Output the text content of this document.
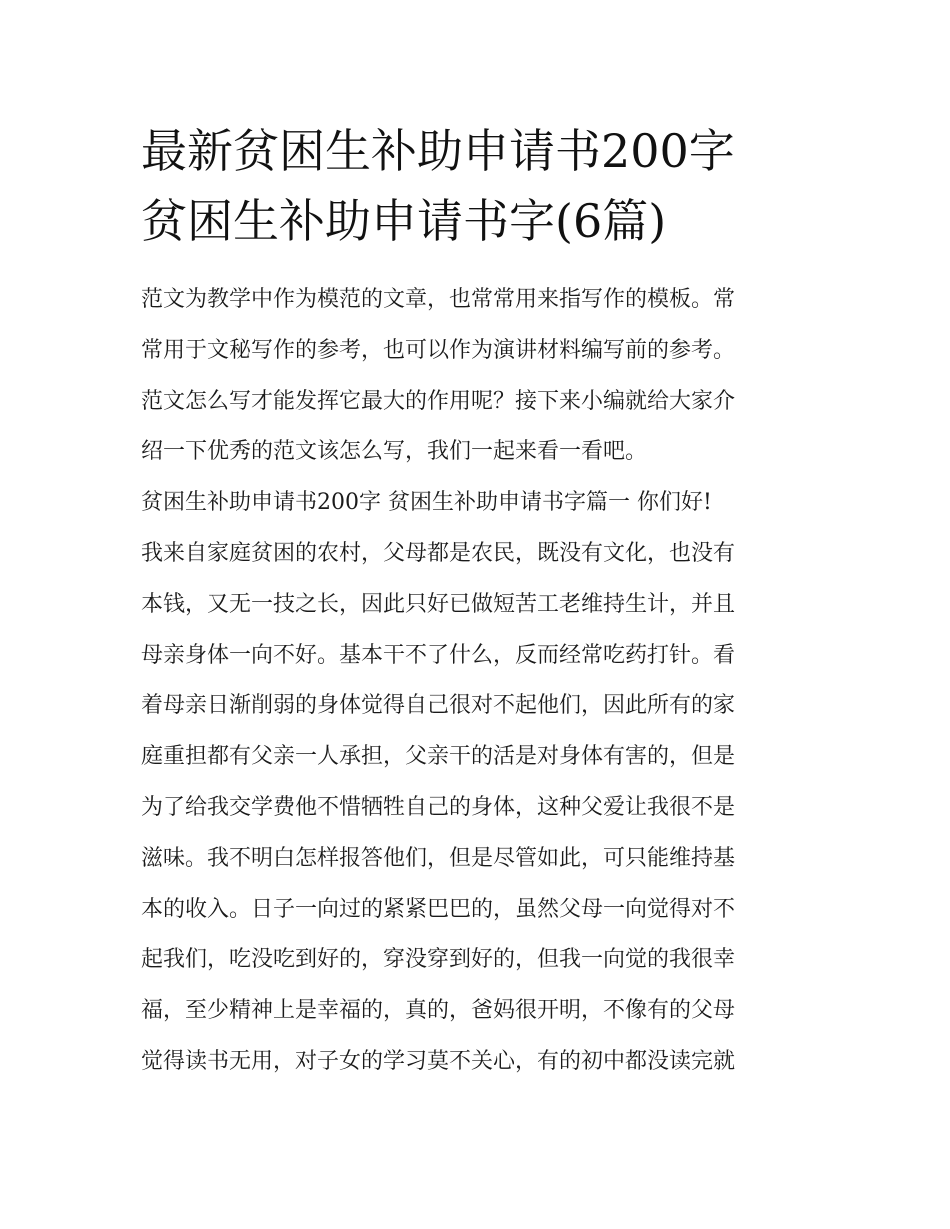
最新贫困生补助申请书200字
贫困生补助申请书字(6篇)
范文为教学中作为模范的文章，也常常用来指写作的模板。常
常用于文秘写作的参考，也可以作为演讲材料编写前的参考。
范文怎么写才能发挥它最大的作用呢？接下来小编就给大家介
绍一下优秀的范文该怎么写，我们一起来看一看吧。
贫困生补助申请书200字 贫困生补助申请书字篇一 你们好!
我来自家庭贫困的农村，父母都是农民，既没有文化，也没有
本钱，又无一技之长，因此只好已做短苦工老维持生计，并且
母亲身体一向不好。基本干不了什么，反而经常吃药打针。看
着母亲日渐削弱的身体觉得自己很对不起他们，因此所有的家
庭重担都有父亲一人承担，父亲干的活是对身体有害的，但是
为了给我交学费他不惜牺牲自己的身体，这种父爱让我很不是
滋味。我不明白怎样报答他们，但是尽管如此，可只能维持基
本的收入。日子一向过的紧紧巴巴的，虽然父母一向觉得对不
起我们，吃没吃到好的，穿没穿到好的，但我一向觉的我很幸
福，至少精神上是幸福的，真的，爸妈很开明，不像有的父母
觉得读书无用，对子女的学习莫不关心，有的初中都没读完就
